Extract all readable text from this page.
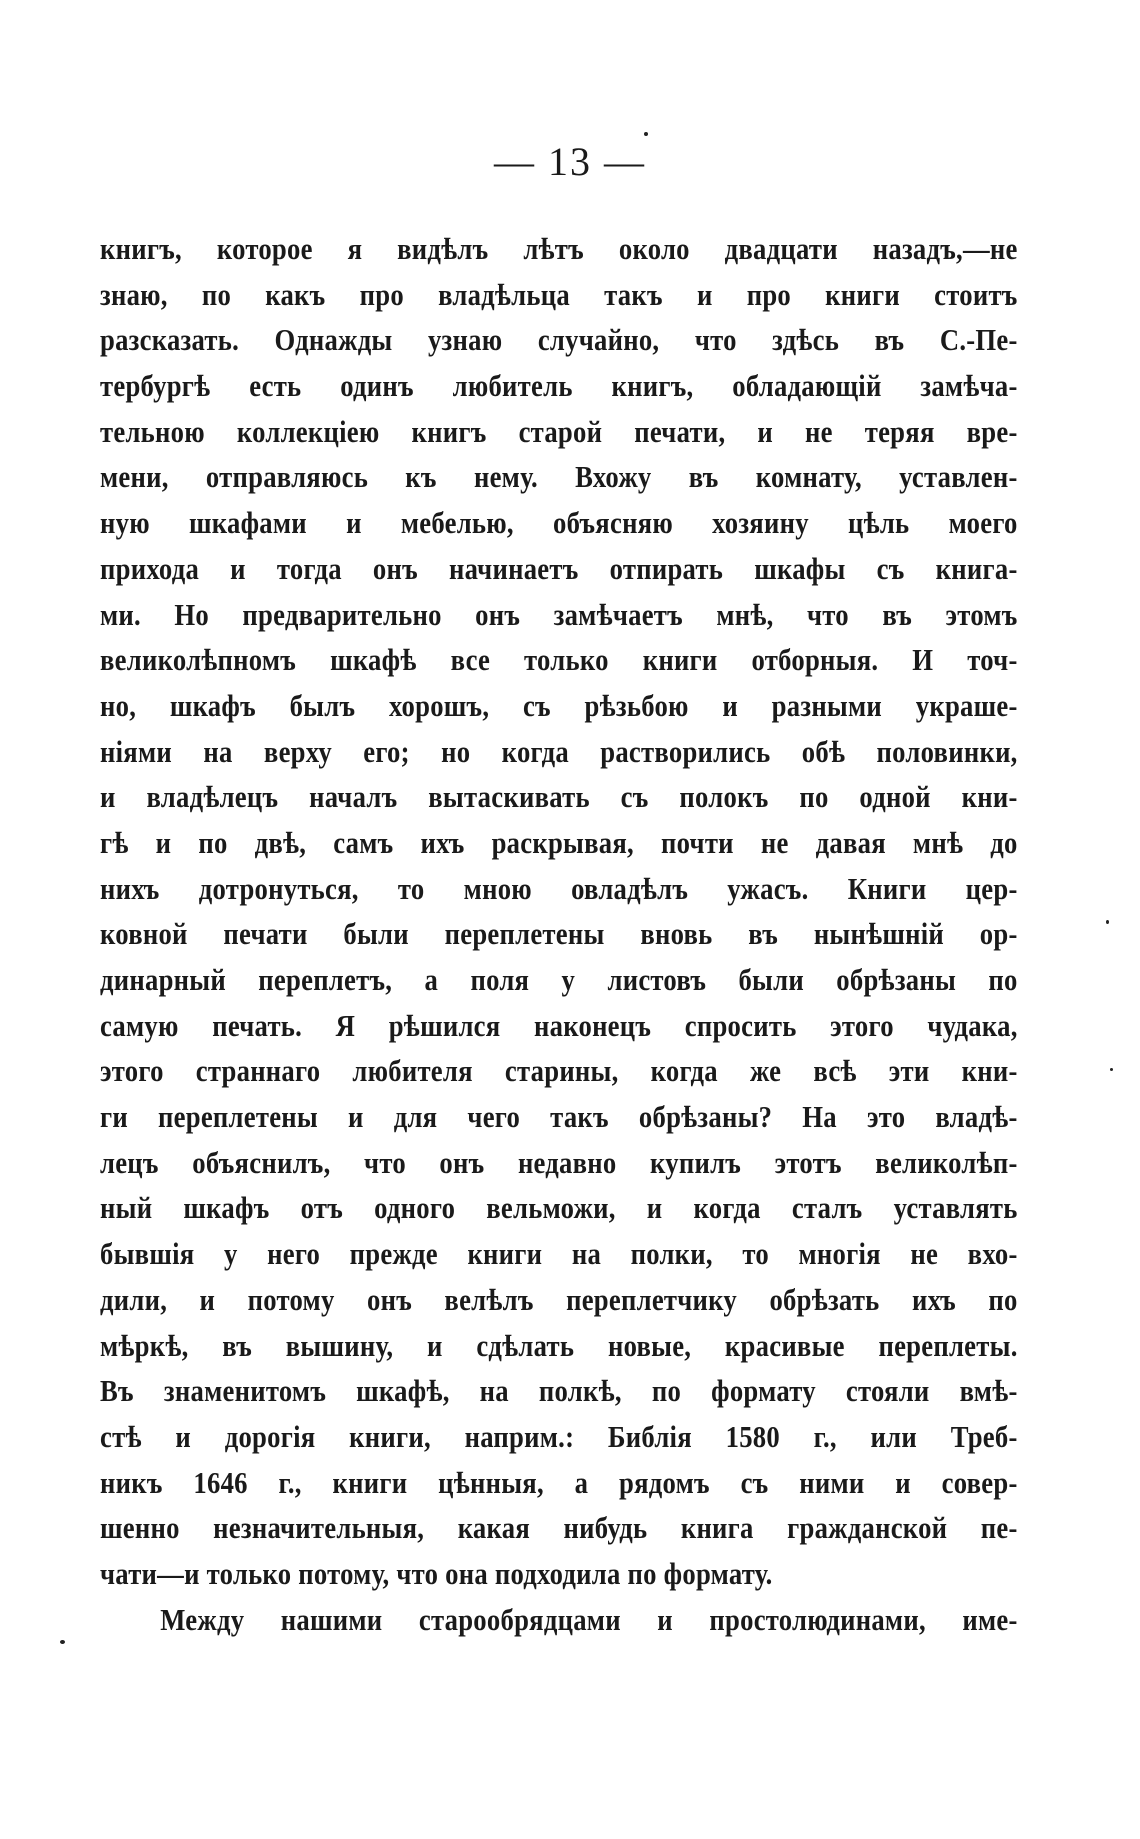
— 13 —
книгъ, которое я видѣлъ лѣтъ около двадцати назадъ,—не
знаю, по какъ про владѣльца такъ и про книги стоитъ
разсказать. Однажды узнаю случайно, что здѣсь въ С.-Пе-
тербургѣ есть одинъ любитель книгъ, обладающій замѣча-
тельною коллекціею книгъ старой печати, и не теряя вре-
мени, отправляюсь къ нему. Вхожу въ комнату, уставлен-
ную шкафами и мебелью, объясняю хозяину цѣль моего
прихода и тогда онъ начинаетъ отпирать шкафы съ книга-
ми. Но предварительно онъ замѣчаетъ мнѣ, что въ этомъ
великолѣпномъ шкафѣ все только книги отборныя. И точ-
но, шкафъ былъ хорошъ, съ рѣзьбою и разными украше-
ніями на верху его; но когда растворились обѣ половинки,
и владѣлецъ началъ вытаскивать съ полокъ по одной кни-
гѣ и по двѣ, самъ ихъ раскрывая, почти не давая мнѣ до
нихъ дотронуться, то мною овладѣлъ ужасъ. Книги цер-
ковной печати были переплетены вновь въ нынѣшній ор-
динарный переплетъ, а поля у листовъ были обрѣзаны по
самую печать. Я рѣшился наконецъ спросить этого чудака,
этого страннаго любителя старины, когда же всѣ эти кни-
ги переплетены и для чего такъ обрѣзаны? На это владѣ-
лецъ объяснилъ, что онъ недавно купилъ этотъ великолѣп-
ный шкафъ отъ одного вельможи, и когда сталъ уставлять
бывшія у него прежде книги на полки, то многія не вхо-
дили, и потому онъ велѣлъ переплетчику обрѣзать ихъ по
мѣркѣ, въ вышину, и сдѣлать новые, красивые переплеты.
Въ знаменитомъ шкафѣ, на полкѣ, по формату стояли вмѣ-
стѣ и дорогія книги, наприм.: Библія 1580 г., или Треб-
никъ 1646 г., книги цѣнныя, а рядомъ съ ними и совер-
шенно незначительныя, какая нибудь книга гражданской пе-
чати—и только потому, что она подходила по формату.
Между нашими старообрядцами и простолюдинами, име-
